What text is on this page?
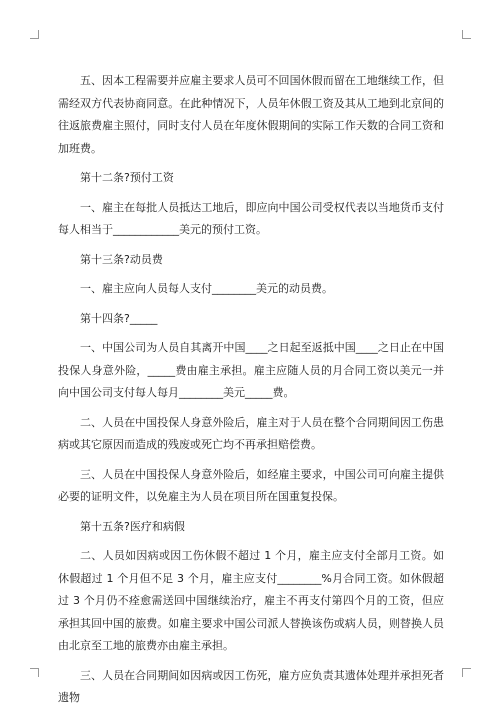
五、因本工程需要并应雇主要求人员可不回国休假而留在工地继续工作，但需经双方代表协商同意。在此种情况下，人员年休假工资及其从工地到北京间的往返旅费雇主照付，同时支付人员在年度休假期间的实际工作天数的合同工资和加班费。

第十二条?预付工资

一、雇主在每批人员抵达工地后，即应向中国公司受权代表以当地货币支付每人相当于____________美元的预付工资。

第十三条?动员费

一、雇主应向人员每人支付________美元的动员费。

第十四条?_____

一、中国公司为人员自其离开中国____之日起至返抵中国____之日止在中国投保人身意外险，_____费由雇主承担。雇主应随人员的月合同工资以美元一并向中国公司支付每人每月________美元_____费。

二、人员在中国投保人身意外险后，雇主对于人员在整个合同期间因工伤患病或其它原因而造成的残废或死亡均不再承担赔偿费。

三、人员在中国投保人身意外险后，如经雇主要求，中国公司可向雇主提供必要的证明文件，以免雇主为人员在项目所在国重复投保。

第十五条?医疗和病假

二、人员如因病或因工伤休假不超过 1 个月，雇主应支付全部月工资。如休假超过 1 个月但不足 3 个月，雇主应支付________%月合同工资。如休假超过 3 个月仍不痊愈需送回中国继续治疗，雇主不再支付第四个月的工资，但应承担其回中国的旅费。如雇主要求中国公司派人替换该伤或病人员，则替换人员由北京至工地的旅费亦由雇主承担。

三、人员在合同期间如因病或因工伤死，雇方应负责其遗体处理并承担死者遗物
